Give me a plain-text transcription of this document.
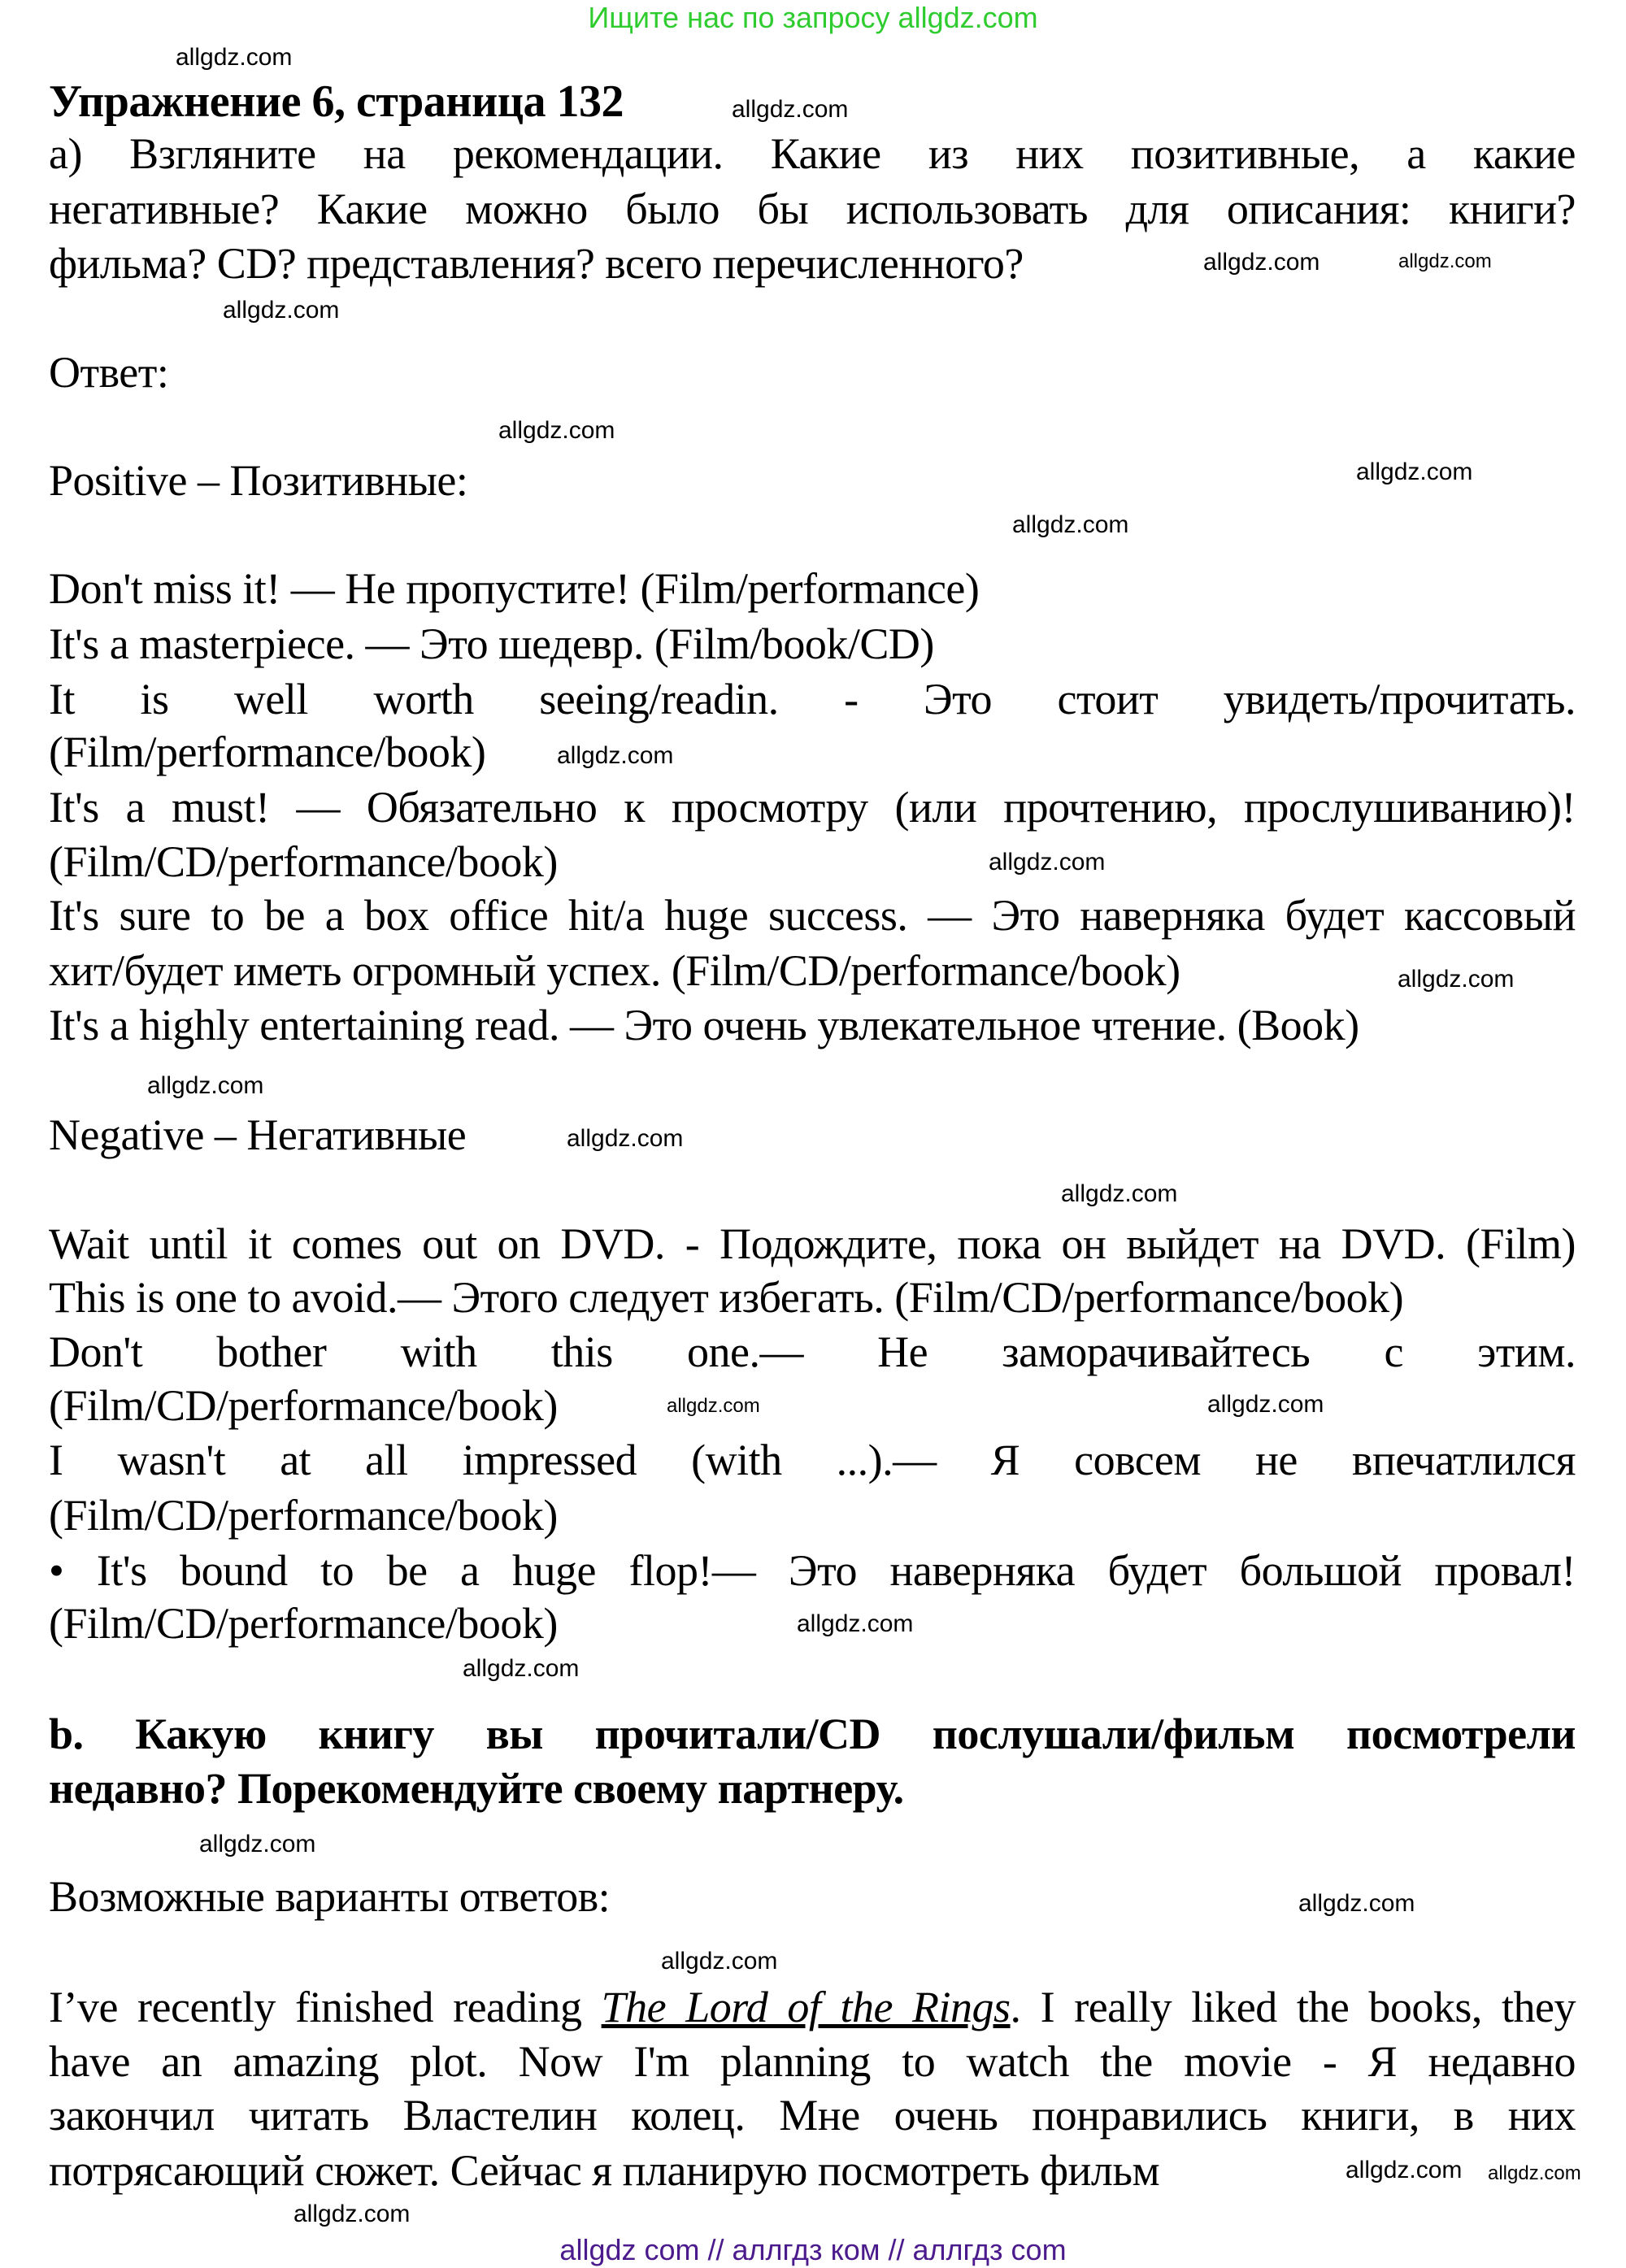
Ищите нас по запросу allgdz.com
Упражнение 6, страница 132
а) Взгляните на рекомендации. Какие из них позитивные, а какие
негативные? Какие можно было бы использовать для описания: книги?
фильма? CD? представления? всего перечисленного?
Ответ:
Positive – Позитивные:
Don't miss it! — Не пропустите! (Film/performance)
It's a masterpiece. — Это шедевр. (Film/book/CD)
It is well worth seeing/readin. - Это стоит увидеть/прочитать.
(Film/performance/book)
It's a must! — Обязательно к просмотру (или прочтению, прослушиванию)!
(Film/CD/performance/book)
It's sure to be a box office hit/a huge success. — Это наверняка будет кассовый
хит/будет иметь огромный успех. (Film/CD/performance/book)
It's a highly entertaining read. — Это очень увлекательное чтение. (Book)
Negative – Негативные
Wait until it comes out on DVD. - Подождите, пока он выйдет на DVD. (Film)
This is one to avoid.— Этого следует избегать. (Film/CD/performance/book)
Don't bother with this one.— Не заморачивайтесь с этим.
(Film/CD/performance/book)
I wasn't at all impressed (with ...).— Я совсем не впечатлился
(Film/CD/performance/book)
• It's bound to be a huge flop!— Это наверняка будет большой провал!
(Film/CD/performance/book)
b. Какую книгу вы прочитали/CD послушали/фильм посмотрели
недавно? Порекомендуйте своему партнеру.
Возможные варианты ответов:
I’ve recently finished reading The Lord of the Rings. I really liked the books, they
have an amazing plot. Now I'm planning to watch the movie - Я недавно
закончил читать Властелин колец. Мне очень понравились книги, в них
потрясающий сюжет. Сейчас я планирую посмотреть фильм
allgdz.com
allgdz.com
allgdz.com
allgdz.com
allgdz.com
allgdz.com
allgdz.com
allgdz.com
allgdz.com
allgdz.com
allgdz.com
allgdz.com
allgdz.com
allgdz.com
allgdz.com	allgdz.com
allgdz.com
allgdz.com
allgdz.com
allgdz.com
allgdz.com
allgdz.com
allgdz.com
allgdz.com
allgdz com // аллгдз ком // аллгдз com
